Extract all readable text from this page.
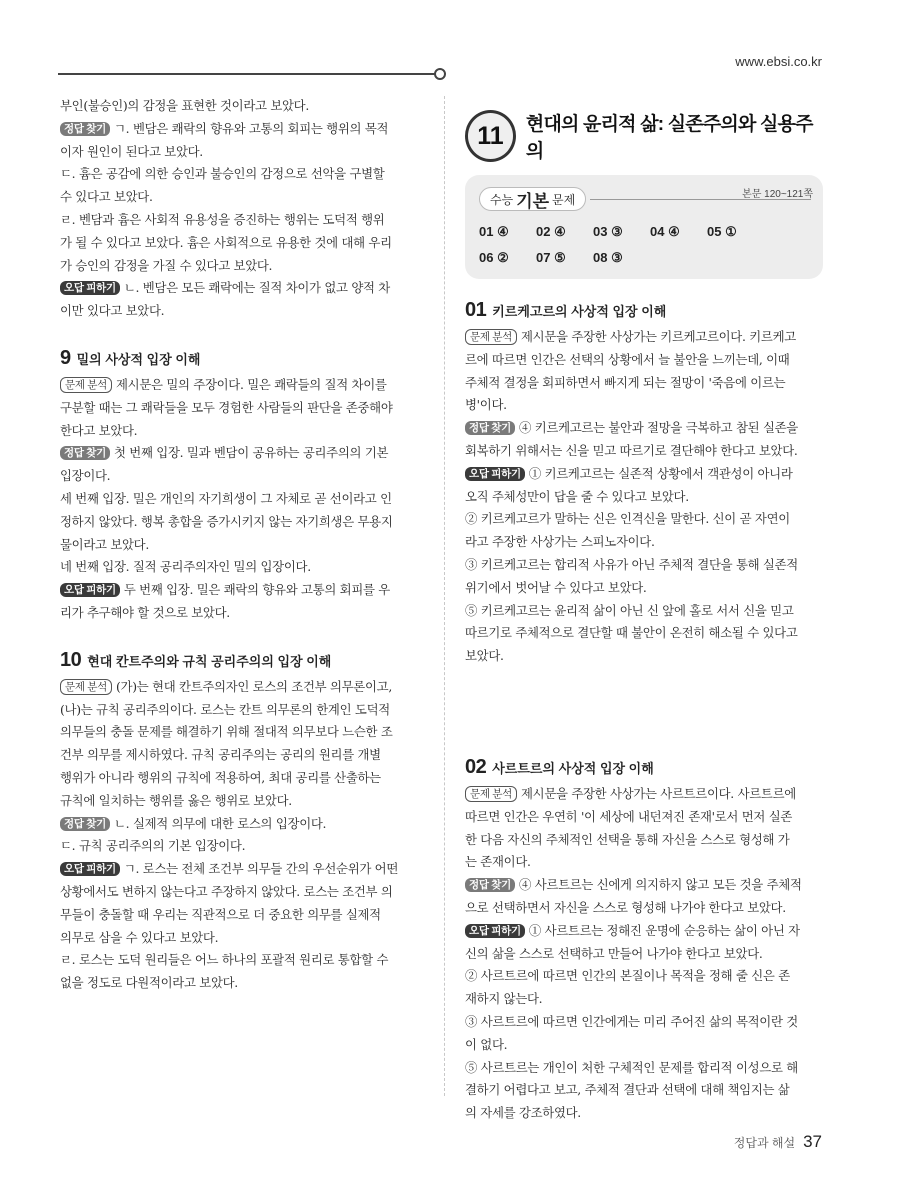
www.ebsi.co.kr

부인(불승인)의 감정을 표현한 것이라고 보았다.

정답 찾기 ㄱ. 벤담은 쾌락의 향유와 고통의 회피는 행위의 목적

이자 원인이 된다고 보았다.

ㄷ. 흄은 공감에 의한 승인과 불승인의 감정으로 선악을 구별할

수 있다고 보았다.

ㄹ. 벤담과 흄은 사회적 유용성을 증진하는 행위는 도덕적 행위

가 될 수 있다고 보았다. 흄은 사회적으로 유용한 것에 대해 우리

가 승인의 감정을 가질 수 있다고 보았다.

오답 피하기 ㄴ. 벤담은 모든 쾌락에는 질적 차이가 없고 양적 차

이만 있다고 보았다.

9 밀의 사상적 입장 이해

문제 분석 제시문은 밀의 주장이다. 밀은 쾌락들의 질적 차이를

구분할 때는 그 쾌락들을 모두 경험한 사람들의 판단을 존중해야

한다고 보았다.

정답 찾기 첫 번째 입장. 밀과 벤담이 공유하는 공리주의의 기본

입장이다.

세 번째 입장. 밀은 개인의 자기희생이 그 자체로 곧 선이라고 인

정하지 않았다. 행복 총합을 증가시키지 않는 자기희생은 무용지

물이라고 보았다.

네 번째 입장. 질적 공리주의자인 밀의 입장이다.

오답 피하기 두 번째 입장. 밀은 쾌락의 향유와 고통의 회피를 우

리가 추구해야 할 것으로 보았다.

10 현대 칸트주의와 규칙 공리주의의 입장 이해

문제 분석 (가)는 현대 칸트주의자인 로스의 조건부 의무론이고,

(나)는 규칙 공리주의이다. 로스는 칸트 의무론의 한계인 도덕적

의무들의 충돌 문제를 해결하기 위해 절대적 의무보다 느슨한 조

건부 의무를 제시하였다. 규칙 공리주의는 공리의 원리를 개별

행위가 아니라 행위의 규칙에 적용하여, 최대 공리를 산출하는

규칙에 일치하는 행위를 옳은 행위로 보았다.

정답 찾기 ㄴ. 실제적 의무에 대한 로스의 입장이다.

ㄷ. 규칙 공리주의의 기본 입장이다.

오답 피하기 ㄱ. 로스는 전체 조건부 의무들 간의 우선순위가 어떤

상황에서도 변하지 않는다고 주장하지 않았다. 로스는 조건부 의

무들이 충돌할 때 우리는 직관적으로 더 중요한 의무를 실제적

의무로 삼을 수 있다고 보았다.

ㄹ. 로스는 도덕 원리들은 어느 하나의 포괄적 원리로 통합할 수

없을 정도로 다원적이라고 보았다.

11	현대의 윤리적 삶: 실존주의와 실용주의
수능 기본 문제	본문 120~121쪽
01 ④	02 ④	03 ③	04 ④	05 ①
06 ②	07 ⑤	08 ③
01 키르케고르의 사상적 입장 이해

문제 분석 제시문을 주장한 사상가는 키르케고르이다. 키르케고

르에 따르면 인간은 선택의 상황에서 늘 불안을 느끼는데, 이때

주체적 결정을 회피하면서 빠지게 되는 절망이 '죽음에 이르는

병'이다.

정답 찾기 ④ 키르케고르는 불안과 절망을 극복하고 참된 실존을

회복하기 위해서는 신을 믿고 따르기로 결단해야 한다고 보았다.

오답 피하기 ① 키르케고르는 실존적 상황에서 객관성이 아니라

오직 주체성만이 답을 줄 수 있다고 보았다.

② 키르케고르가 말하는 신은 인격신을 말한다. 신이 곧 자연이

라고 주장한 사상가는 스피노자이다.

③ 키르케고르는 합리적 사유가 아닌 주체적 결단을 통해 실존적

위기에서 벗어날 수 있다고 보았다.

⑤ 키르케고르는 윤리적 삶이 아닌 신 앞에 홀로 서서 신을 믿고

따르기로 주체적으로 결단할 때 불안이 온전히 해소될 수 있다고

보았다.

02 사르트르의 사상적 입장 이해

문제 분석 제시문을 주장한 사상가는 사르트르이다. 사르트르에

따르면 인간은 우연히 '이 세상에 내던져진 존재'로서 먼저 실존

한 다음 자신의 주체적인 선택을 통해 자신을 스스로 형성해 가

는 존재이다.

정답 찾기 ④ 사르트르는 신에게 의지하지 않고 모든 것을 주체적

으로 선택하면서 자신을 스스로 형성해 나가야 한다고 보았다.

오답 피하기 ① 사르트르는 정해진 운명에 순응하는 삶이 아닌 자

신의 삶을 스스로 선택하고 만들어 나가야 한다고 보았다.

② 사르트르에 따르면 인간의 본질이나 목적을 정해 줄 신은 존

재하지 않는다.

③ 사르트르에 따르면 인간에게는 미리 주어진 삶의 목적이란 것

이 없다.

⑤ 사르트르는 개인이 처한 구체적인 문제를 합리적 이성으로 해

결하기 어렵다고 보고, 주체적 결단과 선택에 대해 책임지는 삶

의 자세를 강조하였다.

정답과 해설 37
